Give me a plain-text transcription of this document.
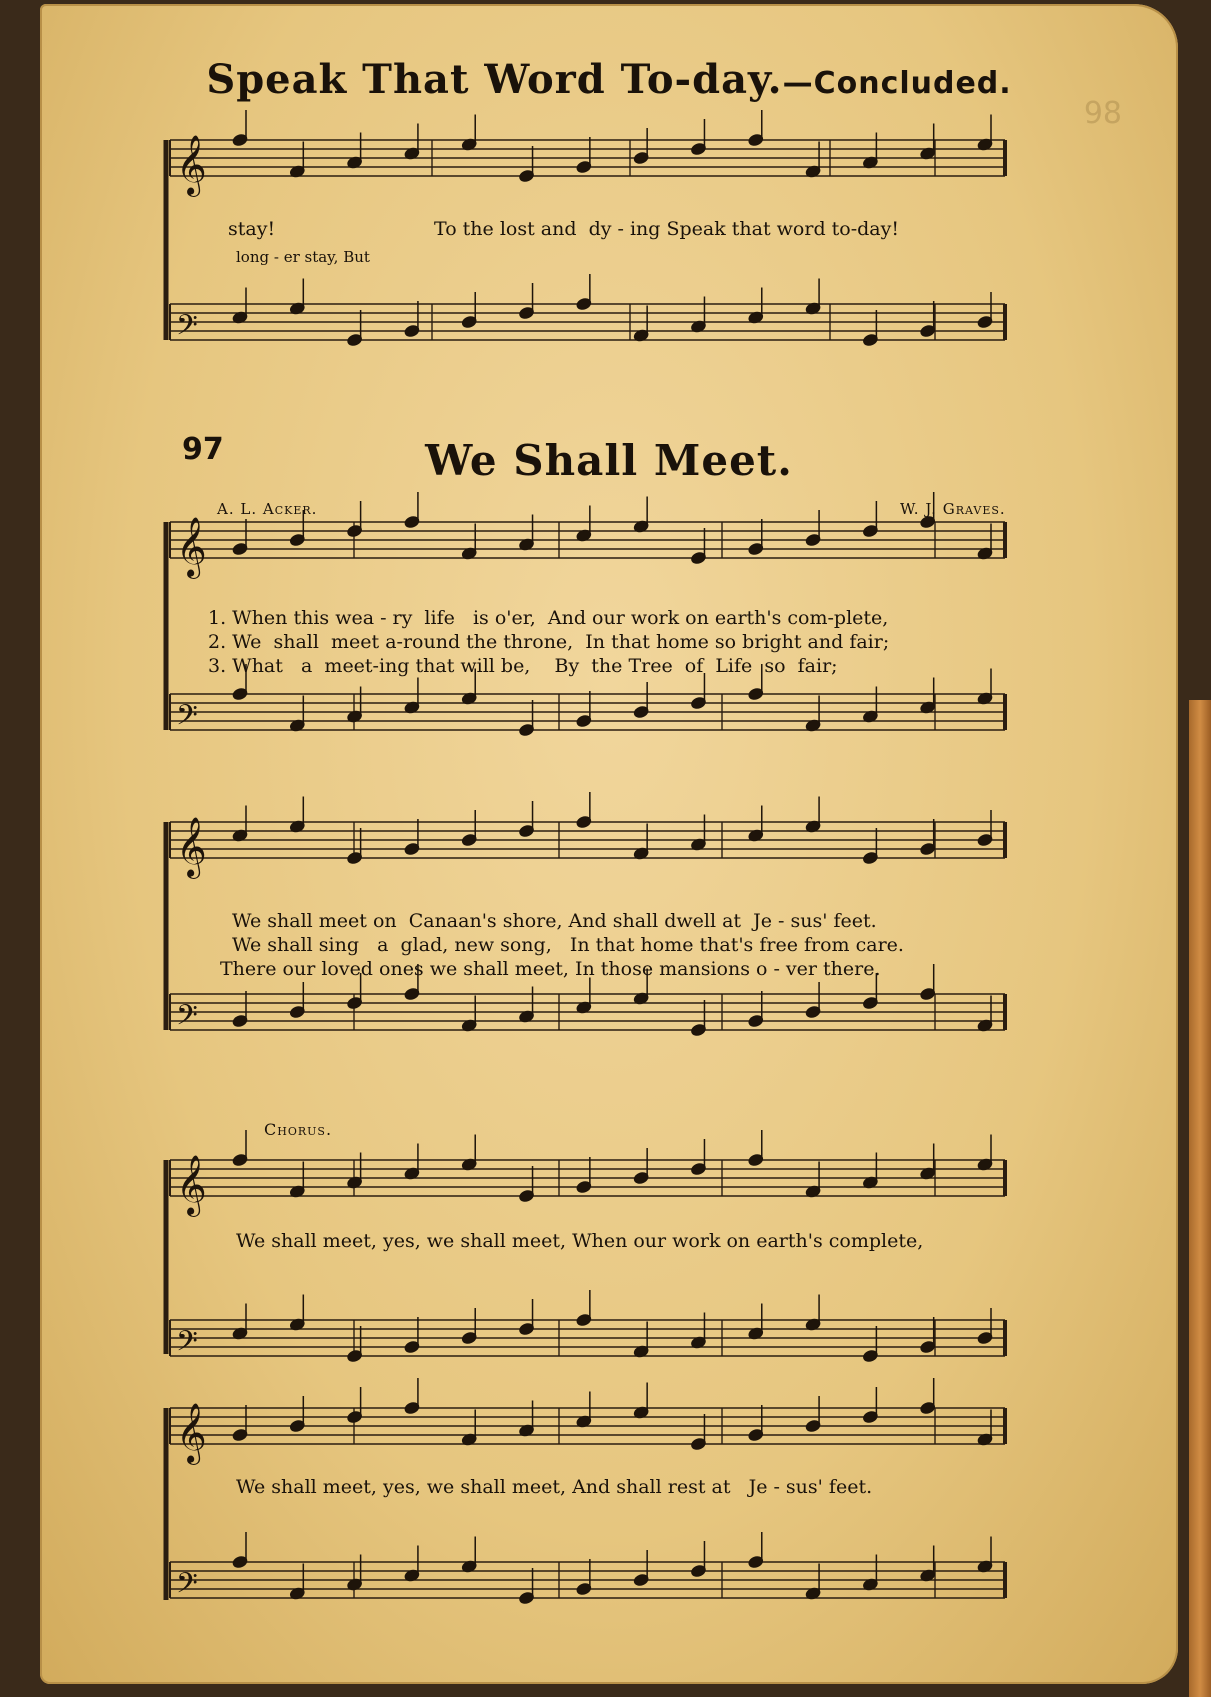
98
Speak That Word To-day.—Concluded.
𝄞
𝄢
𝄞
𝄢
𝄞
𝄢
𝄞
𝄢
𝄞
𝄢
stay!	To the lost and  dy - ing Speak that word to-day!
long - er stay, But
97	We Shall Meet.
A. L. Acker.	W. J. Graves.
1. When this wea - ry  life   is o'er,  And our work on earth's com-plete,
2. We  shall  meet a-round the throne,  In that home so bright and fair;
3. What   a  meet-ing that will be,    By  the Tree  of  Life  so  fair;
We shall meet on  Canaan's shore, And shall dwell at  Je - sus' feet.
We shall sing   a  glad, new song,   In that home that's free from care.
There our loved ones we shall meet, In those mansions o - ver there.
Chorus.
We shall meet, yes, we shall meet, When our work on earth's complete,
We shall meet, yes, we shall meet, And shall rest at   Je - sus' feet.
